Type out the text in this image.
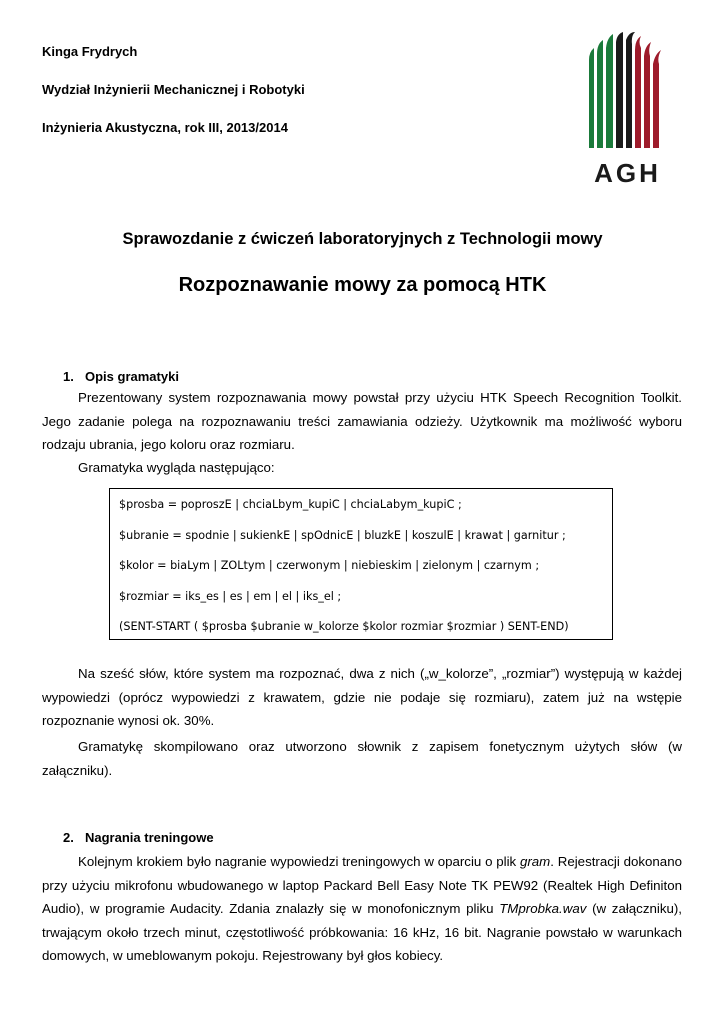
Kinga Frydrych
Wydział Inżynierii Mechanicznej i Robotyki
Inżynieria Akustyczna, rok III, 2013/2014
AGH
Sprawozdanie z ćwiczeń laboratoryjnych z Technologii mowy
Rozpoznawanie mowy za pomocą HTK
1. Opis gramatyki
Prezentowany system rozpoznawania mowy powstał przy użyciu HTK Speech Recognition Toolkit. Jego zadanie polega na rozpoznawaniu treści zamawiania odzieży. Użytkownik ma możliwość wyboru rodzaju ubrania, jego koloru oraz rozmiaru.
Gramatyka wygląda następująco:
$prosba = poproszE | chciaLbym_kupiC | chciaLabym_kupiC ;
$ubranie = spodnie | sukienkE | spOdnicE | bluzkE | koszulE | krawat | garnitur ;
$kolor = biaLym | ZOLtym | czerwonym | niebieskim | zielonym | czarnym ;
$rozmiar = iks_es | es | em | el | iks_el ;
(SENT-START ( $prosba $ubranie w_kolorze $kolor rozmiar $rozmiar ) SENT-END)
Na sześć słów, które system ma rozpoznać, dwa z nich („w_kolorze”, „rozmiar”) występują w każdej wypowiedzi (oprócz wypowiedzi z krawatem, gdzie nie podaje się rozmiaru), zatem już na wstępie rozpoznanie wynosi ok. 30%.
Gramatykę skompilowano oraz utworzono słownik z zapisem fonetycznym użytych słów (w załączniku).
2. Nagrania treningowe
Kolejnym krokiem było nagranie wypowiedzi treningowych w oparciu o plik gram. Rejestracji dokonano przy użyciu mikrofonu wbudowanego w laptop Packard Bell Easy Note TK PEW92 (Realtek High Definiton Audio), w programie Audacity. Zdania znalazły się w monofonicznym pliku TMprobka.wav (w załączniku), trwającym około trzech minut, częstotliwość próbkowania: 16 kHz, 16 bit. Nagranie powstało w warunkach domowych, w umeblowanym pokoju. Rejestrowany był głos kobiecy.
